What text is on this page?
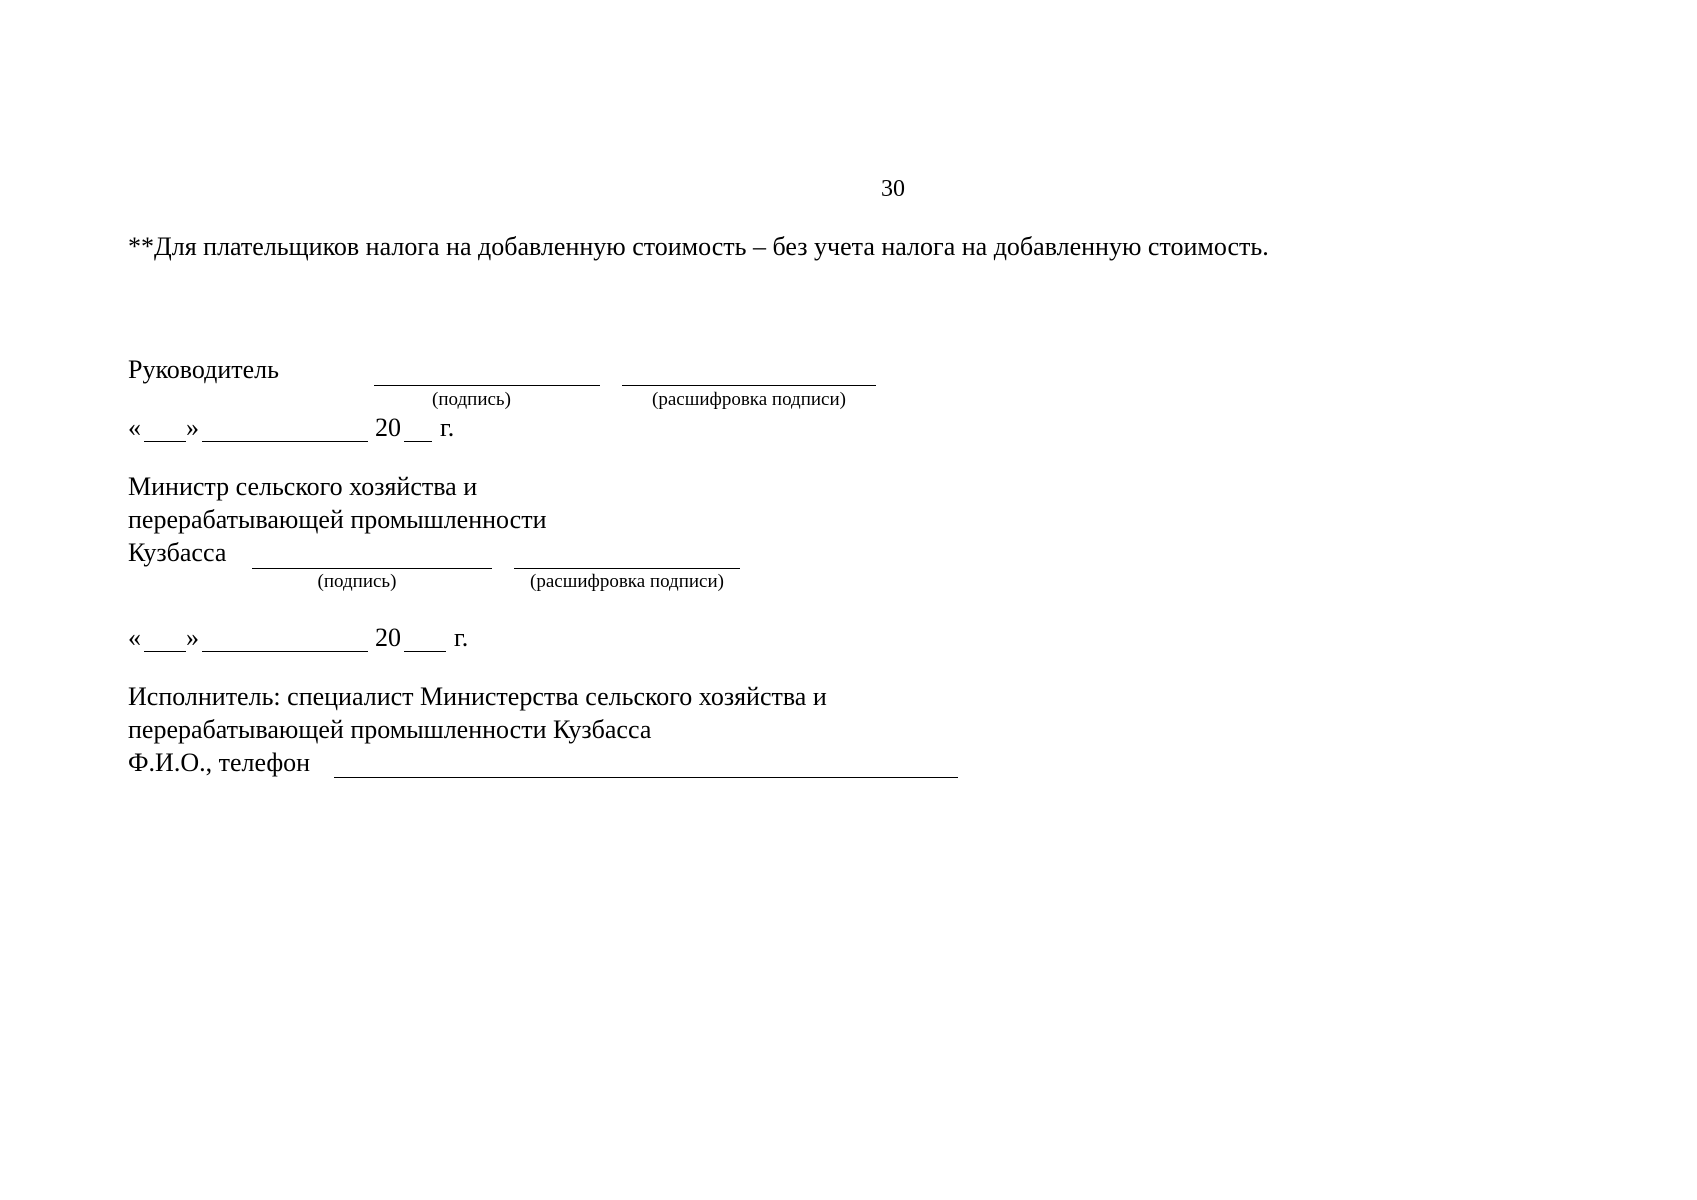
30
**Для плательщиков налога на добавленную стоимость – без учета налога на добавленную стоимость.
Руководитель
(подпись)	(расшифровка подписи)
« »	20 г.
Министр сельского хозяйства и
перерабатывающей промышленности
Кузбасса
(подпись)	(расшифровка подписи)
« »	20 г.
Исполнитель: специалист Министерства сельского хозяйства и
перерабатывающей промышленности Кузбасса
Ф.И.О., телефон
